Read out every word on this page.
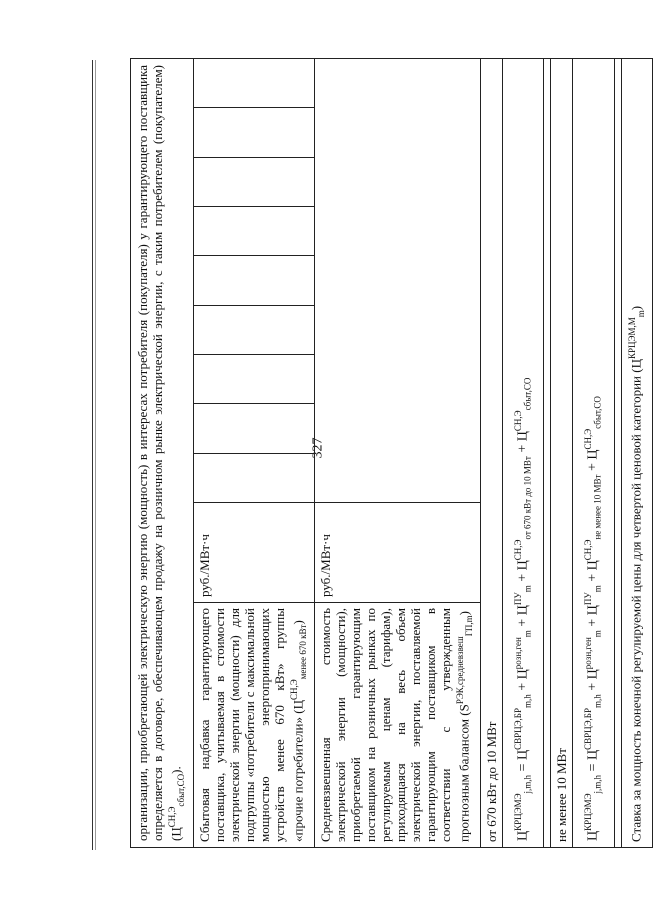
327
организации, приобретающей электрическую энергию (мощность) в интересах потребителя (покупателя) у гарантирующего поставщика определяется в договоре, обеспечивающем продажу на розничном рынке электрической энергии, с таким потребителем (покупателем) $(Ц^{СН,Э}_{сбыт,СО})$.										
Сбытовая надбавка гарантирующего поставщика, учитываемая в стоимости электрической энергии (мощности) для подгруппы «потребители с максимальной мощностью энергопринимающих устройств менее 670 кВт» группы «прочие потребители» $(Ц^{СН,Э}_{менее 670 кВт})$	руб./МВт·ч									
Средневзвешенная стоимость электрической энергии (мощности), приобретаемой гарантирующим поставщиком на розничных рынках по регулируемым ценам (тарифам), приходящаяся на весь объем электрической энергии, поставляемой гарантирующим поставщиком в соответствии с утвержденным прогнозным балансом $(S^{РЭК,средневзвеш}_{ГП,m})$	руб./МВт·ч									
от 670 кВт до 10 МВт										
$Ц^{КРЦЭМЭ}_{j,m,h} = Ц^{СВРЦЭ,БР}_{m,h} + Ц^{розн,ген}_m + Ц^{ПУ}_m + Ц^{СН,Э}_{от 670 кВт до 10 МВт} + Ц^{СН,Э}_{сбыт,СО}$

не менее 10 МВт										
$Ц^{КРЦЭМЭ}_{j,m,h} = Ц^{СВРЦЭ,БР}_{m,h} + Ц^{розн,ген}_m + Ц^{ПУ}_m + Ц^{СН,Э}_{не менее 10 МВт} + Ц^{СН,Э}_{сбыт,СО}$

Ставка за мощность конечной регулируемой цены для четвертой ценовой категории $(Ц^{КРЦЭМ,М}_m)$										
